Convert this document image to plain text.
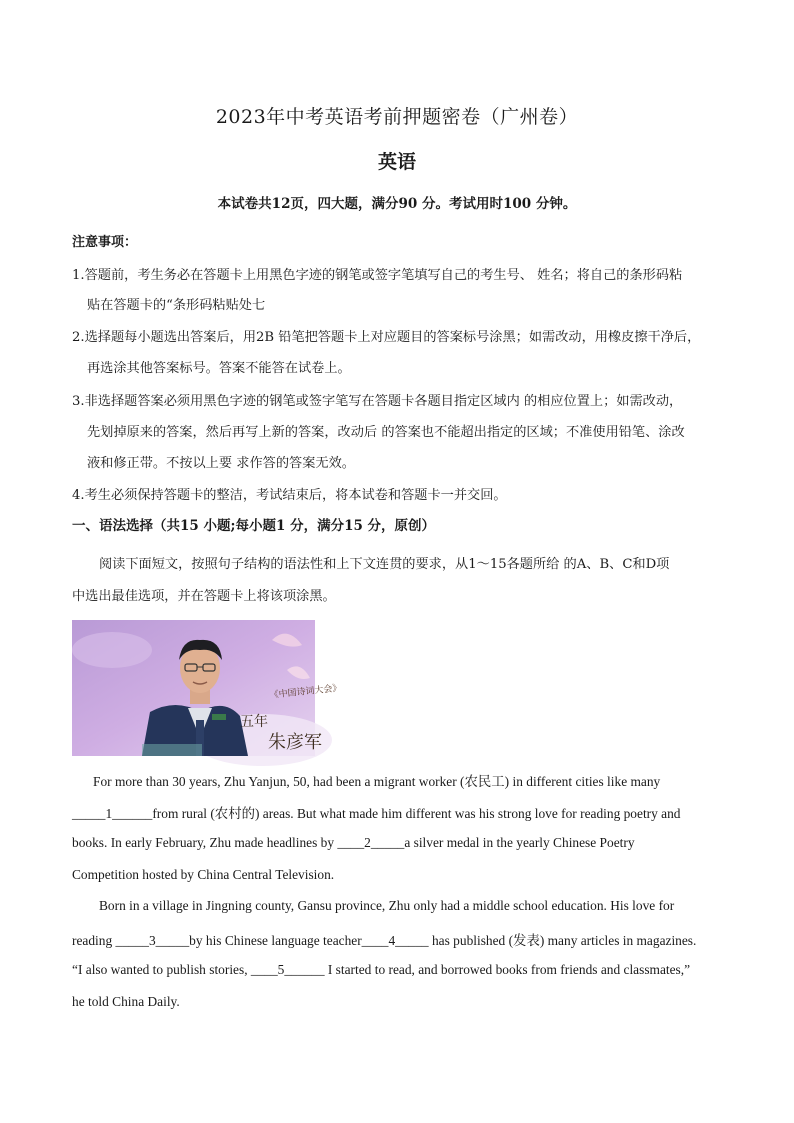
2023年中考英语考前押题密卷（广州卷）
英语
本试卷共12页，四大题，满分90 分。考试用时100 分钟。
注意事项：
1.答题前，考生务必在答题卡上用黑色字迹的钢笔或签字笔填写自己的考生号、 姓名；将自己的条形码粘
贴在答题卡的“条形码粘贴处七
2.选择题每小题选出答案后，用2B 铅笔把答题卡上对应题目的答案标号涂黑；如需改动，用橡皮擦干净后，
再选涂其他答案标号。答案不能答在试卷上。
3.非选择题答案必须用黑色字迹的钢笔或签字笔写在答题卡各题目指定区域内 的相应位置上；如需改动，
先划掉原来的答案，然后再写上新的答案，改动后 的答案也不能超出指定的区域；不准使用铅笔、涂改
液和修正带。不按以上要 求作答的答案无效。
4.考生必须保持答题卡的整洁，考试结束后，将本试卷和答题卡一并交回。
一、语法选择（共15 小题;每小题1 分，满分15 分，原创）
阅读下面短文，按照句子结构的语法性和上下文连贯的要求，从1～15各题所给 的A、B、C和D项
中选出最佳选项，并在答题卡上将该项涂黑。
《中国诗词大会》
五年
朱彦军
For more than 30 years, Zhu Yanjun, 50, had been a migrant worker (农民工) in different cities like many
_____1______from rural (农村的) areas. But what made him different was his strong love for reading poetry and
books. In early February, Zhu made headlines by ____2_____a silver medal in the yearly Chinese Poetry
Competition hosted by China Central Television.
Born in a village in Jingning county, Gansu province, Zhu only had a middle school education. His love for
reading _____3_____by his Chinese language teacher____4_____ has published (发表) many articles in magazines.
“I also wanted to publish stories, ____5______ I started to read, and borrowed books from friends and classmates,”
he told China Daily.
